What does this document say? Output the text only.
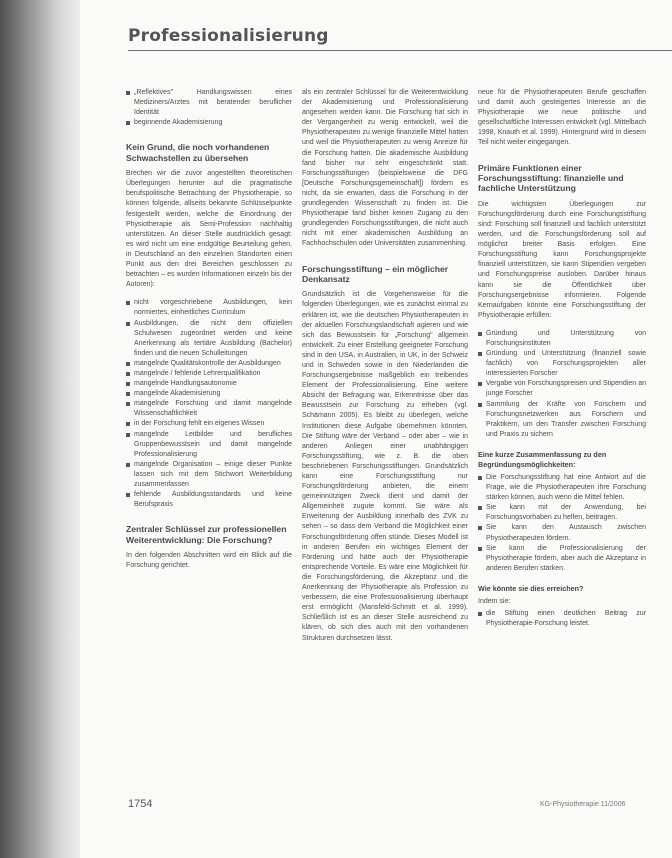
Professionalisierung
„Reflektives" Handlungswissen eines Mediziners/Arztes mit beratender beruflicher Identität
beginnende Akademisierung
Kein Grund, die noch vorhandenen Schwachstellen zu übersehen

Brechen wir die zuvor angestellten theoretischen Überlegungen herunter auf die pragmatische berufspolitische Betrachtung der Physiotherapie, so können folgende, allseits bekannte Schlüsselpunkte festgestellt werden, welche die Einordnung der Physiotherapie als Semi-Profession nachhaltig unterstützen. An dieser Stelle ausdrücklich gesagt: es wird nicht um eine endgültige Beurteilung gehen, in Deutschland an den einzelnen Standorten einen Punkt aus den drei Bereichen geschlossen zu betrachten – es wurden Informationen einzeln bis der Autoren):

nicht vorgeschriebene Ausbildungen, kein normiertes, einheitliches Curriculum
Ausbildungen, die nicht dem offiziellen Schulwesen zugeordnet werden und keine Anerkennung als tertiäre Ausbildung (Bachelor) finden und die neuen Schulleitungen
mangelnde Qualitätskontrolle der Ausbildungen
mangelnde / fehlende Lehrerqualifikation
mangelnde Handlungsautonomie
mangelnde Akademisierung
mangelnde Forschung und damit mangelnde Wissenschaftlichkeit
in der Forschung fehlt ein eigenes Wissen
mangelnde Leitbilder und berufliches Gruppenbewusstsein und damit mangelnde Professionalisierung
mangelnde Organisation – einige dieser Punkte lassen sich mit dem Stichwort Weiterbildung zusammenfassen
fehlende Ausbildungsstandards und keine Berufspraxis
Zentraler Schlüssel zur professionellen Weiterentwicklung: Die Forschung?

In den folgenden Abschnitten wird ein Blick auf die Forschung gerichtet.

als ein zentraler Schlüssel für die Weiterentwicklung der Akademisierung und Professionalisierung angesehen werden kann. Die Forschung hat sich in der Vergangenheit zu wenig entwickelt, weil die Physiotherapeuten zu wenige finanzielle Mittel hatten und weil die Physiotherapeuten zu wenig Anreize für die Forschung hatten. Die akademische Ausbildung fand bisher nur sehr eingeschränkt statt. Forschungsstiftungen (beispielsweise die DFG [Deutsche Forschungsgemeinschaft]) fördern es nicht, da sie erwarten, dass die Forschung in der grundlegenden Wissenschaft zu finden ist. Die Physiotherapie fand bisher keinen Zugang zu den grundlegenden Forschungsstiftungen, die nicht auch nicht mit einer akademischen Ausbildung an Fachhochschulen oder Universitäten zusammenhing.

Forschungsstiftung – ein möglicher Denkansatz

Grundsätzlich ist die Vorgehensweise für die folgenden Überlegungen, wie es zunächst einmal zu erklären ist, wie die deutschen Physiotherapeuten in der aktuellen Forschungslandschaft agieren und wie sich das Bewusstsein für „Forschung" allgemein entwickelt. Zu einer Erstellung geeigneter Forschung sind in den USA, in Australien, in UK, in der Schweiz und in Schweden sowie in den Niederlanden die Forschungsergebnisse maßgeblich ein treibendes Element der Professionalisierung. Eine weitere Absicht der Befragung war, Erkenntnisse über das Bewusstsein zur Forschung zu erheben (vgl. Schämann 2005). Es bleibt zu überlegen, welche Institutionen diese Aufgabe übernehmen könnten. Die Stiftung wäre der Verband – oder aber – wie in anderen Anliegen einer unabhängigen Forschungsstiftung, wie z. B. die oben beschriebenen Forschungsstiftungen. Grundsätzlich kann eine Forschungsstiftung nur Forschungsförderung anbieten, die einem gemeinnützigen Zweck dient und damit der Allgemeinheit zugute kommt. Sie wäre als Erweiterung der Ausbildung innerhalb des ZVK zu sehen – so dass dem Verband die Möglichkeit einer Forschungsförderung offen stünde. Dieses Modell ist in anderen Berufen ein wichtiges Element der Förderung und hätte auch der Physiotherapie entsprechende Vorteile. Es wäre eine Möglichkeit für die Forschungsförderung, die Akzeptanz und die Anerkennung der Physiotherapie als Profession zu verbessern, die eine Professionalisierung überhaupt erst ermöglicht (Mansfeld-Schmitt et al. 1999). Schließlich ist es an dieser Stelle ausreichend zu klären, ob sich dies auch mit den vorhandenen Strukturen durchsetzen lässt.

neue für die Physiotherapeuten Berufe geschaffen und damit auch gesteigertes Interesse an die Physiotherapie wie neue politische und gesellschaftliche Interessen entwickelt (vgl. Mittelbach 1998, Knauth et al. 1999). Hintergrund wird in diesem Teil nicht weiter eingegangen.

Primäre Funktionen einer Forschungsstiftung: finanzielle und fachliche Unterstützung

Die wichtigsten Überlegungen zur Forschungsförderung durch eine Forschungsstiftung sind: Forschung soll finanziell und fachlich unterstützt werden, und die Forschungsförderung soll auf möglichst breiter Basis erfolgen. Eine Forschungsstiftung kann Forschungsprojekte finanziell unterstützen, sie kann Stipendien vergeben und Forschungspreise ausloben. Darüber hinaus kann sie die Öffentlichkeit über Forschungsergebnisse informieren. Folgende Kernaufgaben könnte eine Forschungsstiftung der Physiotherapie erfüllen:

Gründung und Unterstützung von Forschungsinstituten
Gründung und Unterstützung (finanziell sowie fachlich) von Forschungsprojekten aller interessierten Forscher
Vergabe von Forschungspreisen und Stipendien an junge Forscher
Sammlung der Kräfte von Forschern und Forschungsnetzwerken aus Forschern und Praktikern, um den Transfer zwischen Forschung und Praxis zu sichern
Eine kurze Zusammenfassung zu den Begründungsmöglichkeiten:
Die Forschungsstiftung hat eine Antwort auf die Frage, wie die Physiotherapeuten ihre Forschung stärken können, auch wenn die Mittel fehlen.
Sie kann mit der Anwendung, bei Forschungsvorhaben zu helfen, beitragen.
Sie kann den Austausch zwischen Physiotherapeuten fördern.
Sie kann die Professionalisierung der Physiotherapie fördern, aber auch die Akzeptanz in anderen Berufen stärken.
Wie könnte sie dies erreichen?

Indem sie:

die Stiftung einen deutlichen Beitrag zur Physiotherapie-Forschung leistet.
1754	KG-Physiotherapie 11/2006
